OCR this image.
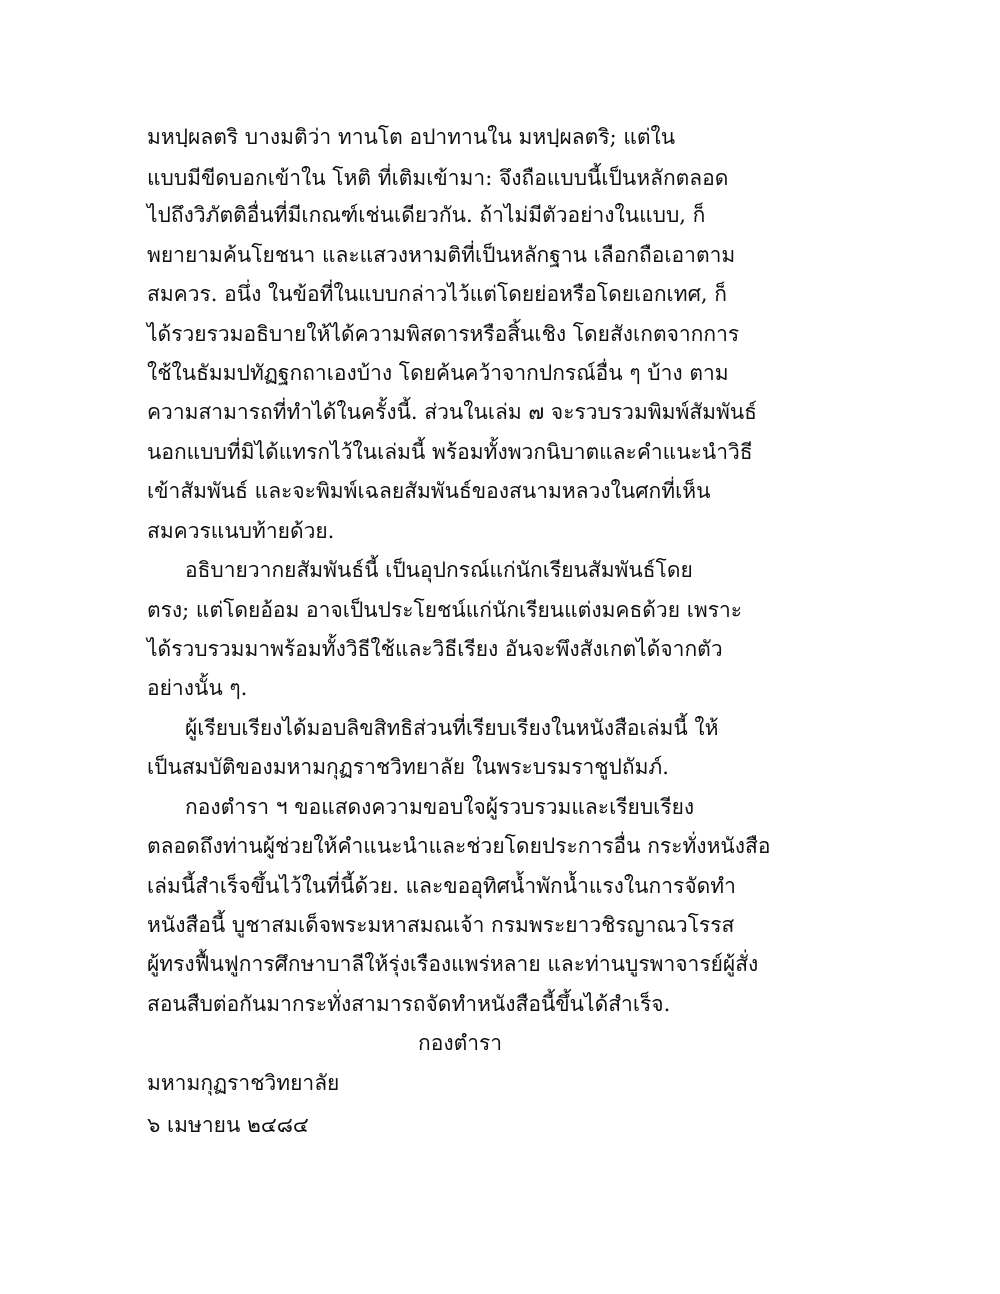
มหปฺผลตริ บางมติว่า ทานโต อปาทานใน มหปฺผลตริ; แต่ใน
แบบมีขีดบอกเข้าใน โหติ ที่เติมเข้ามา: จึงถือแบบนี้เป็นหลักตลอด
ไปถึงวิภัตติอื่นที่มีเกณฑ์เช่นเดียวกัน. ถ้าไม่มีตัวอย่างในแบบ, ก็
พยายามค้นโยชนา และแสวงหามติที่เป็นหลักฐาน เลือกถือเอาตาม
สมควร. อนึ่ง ในข้อที่ในแบบกล่าวไว้แต่โดยย่อหรือโดยเอกเทศ, ก็
ได้รวยรวมอธิบายให้ได้ความพิสดารหรือสิ้นเชิง โดยสังเกตจากการ
ใช้ในธัมมปทัฏฐกถาเองบ้าง โดยค้นคว้าจากปกรณ์อื่น ๆ บ้าง ตาม
ความสามารถที่ทำได้ในครั้งนี้. ส่วนในเล่ม ๗ จะรวบรวมพิมพ์สัมพันธ์
นอกแบบที่มิได้แทรกไว้ในเล่มนี้ พร้อมทั้งพวกนิบาตและคำแนะนำวิธี
เข้าสัมพันธ์ และจะพิมพ์เฉลยสัมพันธ์ของสนามหลวงในศกที่เห็น
สมควรแนบท้ายด้วย.
อธิบายวากยสัมพันธ์นี้ เป็นอุปกรณ์แก่นักเรียนสัมพันธ์โดย
ตรง; แต่โดยอ้อม อาจเป็นประโยชน์แก่นักเรียนแต่งมคธด้วย เพราะ
ได้รวบรวมมาพร้อมทั้งวิธีใช้และวิธีเรียง อันจะพึงสังเกตได้จากตัว
อย่างนั้น ๆ.
ผู้เรียบเรียงได้มอบลิขสิทธิส่วนที่เรียบเรียงในหนังสือเล่มนี้ ให้
เป็นสมบัติของมหามกุฏราชวิทยาลัย ในพระบรมราชูปถัมภ์.
กองตำรา ฯ ขอแสดงความขอบใจผู้รวบรวมและเรียบเรียง
ตลอดถึงท่านผู้ช่วยให้คำแนะนำและช่วยโดยประการอื่น กระทั่งหนังสือ
เล่มนี้สำเร็จขึ้นไว้ในที่นี้ด้วย. และขออุทิศน้ำพักน้ำแรงในการจัดทำ
หนังสือนี้ บูชาสมเด็จพระมหาสมณเจ้า กรมพระยาวชิรญาณวโรรส
ผู้ทรงฟื้นฟูการศึกษาบาลีให้รุ่งเรืองแพร่หลาย และท่านบูรพาจารย์ผู้สั่ง
สอนสืบต่อกันมากระทั่งสามารถจัดทำหนังสือนี้ขึ้นได้สำเร็จ.
กองตำรา
มหามกุฏราชวิทยาลัย
๖ เมษายน ๒๔๘๔
